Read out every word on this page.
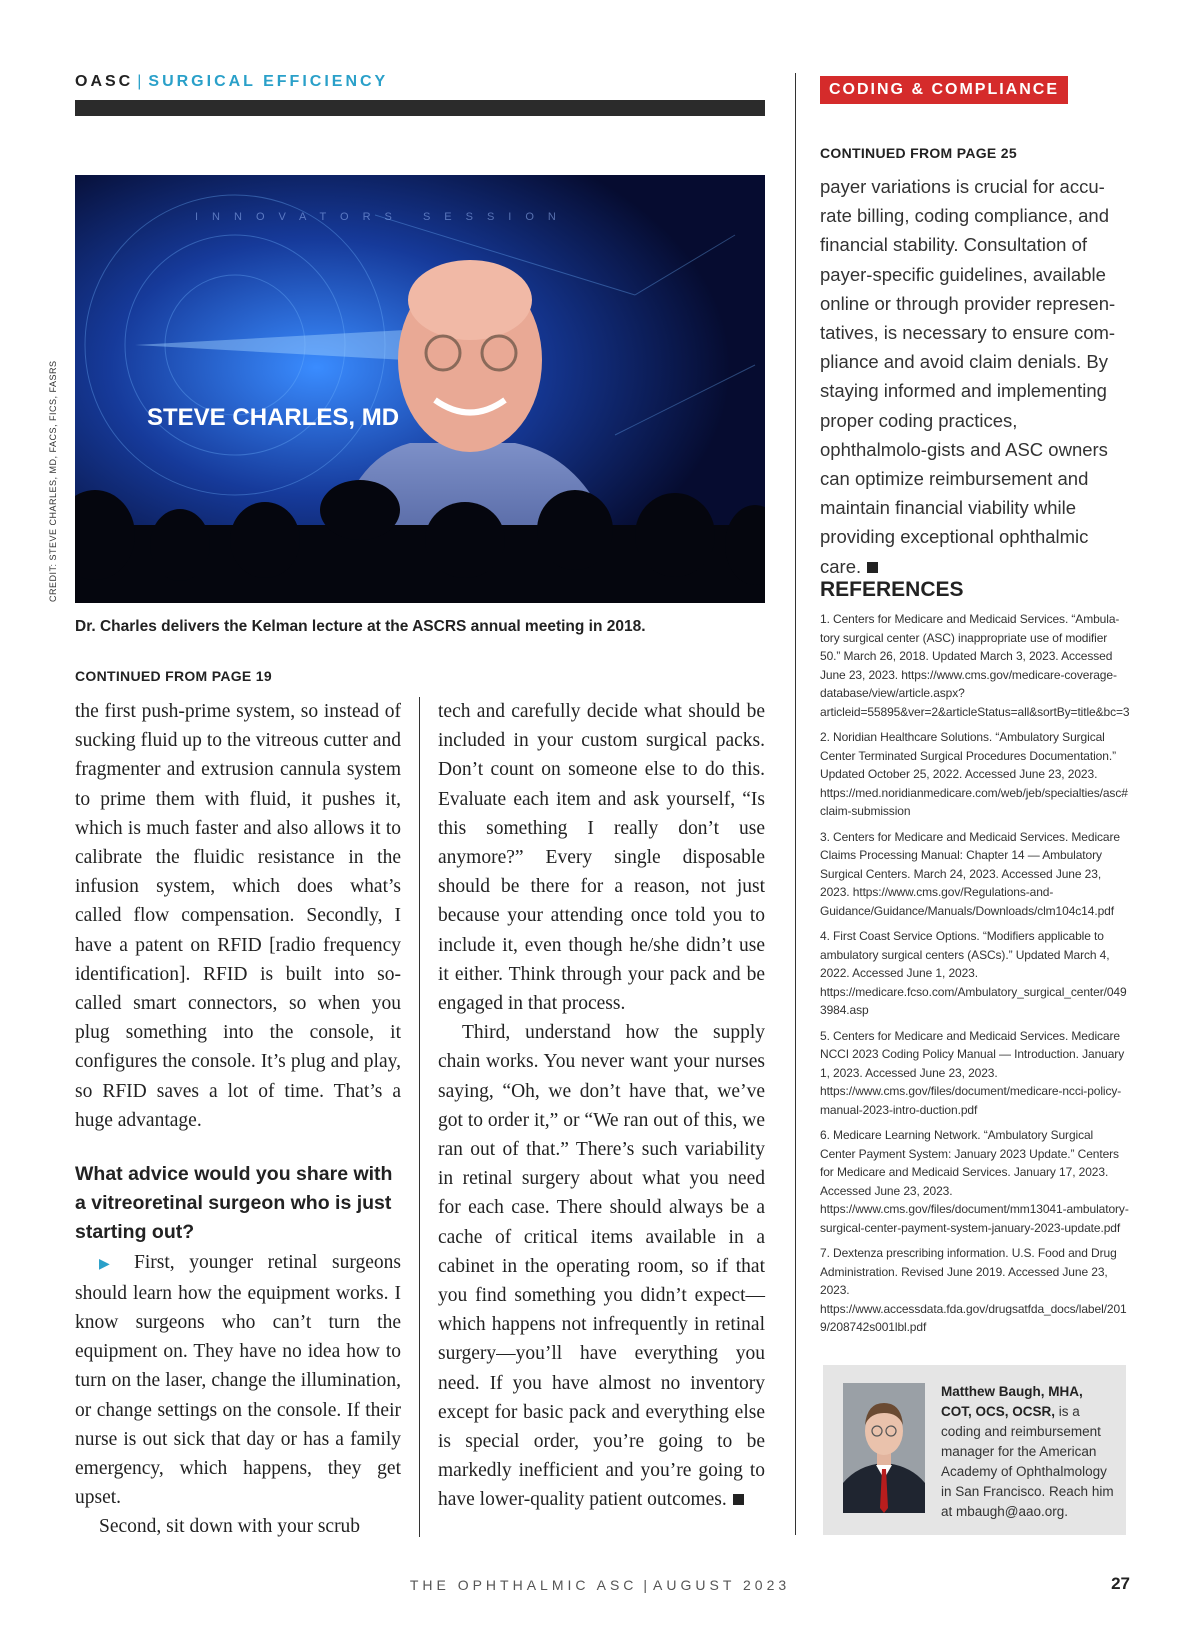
OASC | SURGICAL EFFICIENCY	CODING & COMPLIANCE
INNOVATORS SESSION
STEVE CHARLES, MD
CREDIT: STEVE CHARLES, MD, FACS, FICS, FASRS
Dr. Charles delivers the Kelman lecture at the ASCRS annual meeting in 2018.
CONTINUED FROM PAGE 19

the first push-prime system, so instead of sucking fluid up to the vitreous cutter and fragmenter and extrusion cannula system to prime them with fluid, it pushes it, which is much faster and also allows it to calibrate the fluidic resistance in the infusion system, which does what’s called flow compensation. Secondly, I have a patent on RFID [radio frequency identification]. RFID is built into so-called smart connectors, so when you plug something into the console, it configures the console. It’s plug and play, so RFID saves a lot of time. That’s a huge advantage.

What advice would you share with a vitreoretinal surgeon who is just starting out?

▶ First, younger retinal surgeons should learn how the equipment works. I know surgeons who can’t turn the equipment on. They have no idea how to turn on the laser, change the illumination, or change settings on the console. If their nurse is out sick that day or has a family emergency, which happens, they get upset.

Second, sit down with your scrub

tech and carefully decide what should be included in your custom surgical packs. Don’t count on someone else to do this. Evaluate each item and ask yourself, “Is this something I really don’t use anymore?” Every single disposable should be there for a reason, not just because your attending once told you to include it, even though he/she didn’t use it either. Think through your pack and be engaged in that process.

Third, understand how the supply chain works. You never want your nurses saying, “Oh, we don’t have that, we’ve got to order it,” or “We ran out of this, we ran out of that.” There’s such variability in retinal surgery about what you need for each case. There should always be a cache of critical items available in a cabinet in the operating room, so if that you find something you didn’t expect—which happens not infrequently in retinal surgery—you’ll have everything you need. If you have almost no inventory except for basic pack and everything else is special order, you’re going to be markedly inefficient and you’re going to have lower-quality patient outcomes.

CONTINUED FROM PAGE 25
payer variations is crucial for accu-rate billing, coding compliance, and financial stability. Consultation of payer-specific guidelines, available online or through provider represen-tatives, is necessary to ensure com-pliance and avoid claim denials. By staying informed and implementing proper coding practices, ophthalmolo-gists and ASC owners can optimize reimbursement and maintain financial viability while providing exceptional ophthalmic care.
REFERENCES
1. Centers for Medicare and Medicaid Services. “Ambula-tory surgical center (ASC) inappropriate use of modifier 50.” March 26, 2018. Updated March 3, 2023. Accessed June 23, 2023. https://www.cms.gov/medicare-coverage-database/view/article.aspx?articleid=55895&ver=2&articleStatus=all&sortBy=title&bc=3
2. Noridian Healthcare Solutions. “Ambulatory Surgical Center Terminated Surgical Procedures Documentation.” Updated October 25, 2022. Accessed June 23, 2023. https://med.noridianmedicare.com/web/jeb/specialties/asc#claim-submission
3. Centers for Medicare and Medicaid Services. Medicare Claims Processing Manual: Chapter 14 — Ambulatory Surgical Centers. March 24, 2023. Accessed June 23, 2023. https://www.cms.gov/Regulations-and-Guidance/Guidance/Manuals/Downloads/clm104c14.pdf
4. First Coast Service Options. “Modifiers applicable to ambulatory surgical centers (ASCs).” Updated March 4, 2022. Accessed June 1, 2023. https://medicare.fcso.com/Ambulatory_surgical_center/0493984.asp
5. Centers for Medicare and Medicaid Services. Medicare NCCI 2023 Coding Policy Manual — Introduction. January 1, 2023. Accessed June 23, 2023. https://www.cms.gov/files/document/medicare-ncci-policy-manual-2023-intro-duction.pdf
6. Medicare Learning Network. “Ambulatory Surgical Center Payment System: January 2023 Update.” Centers for Medicare and Medicaid Services. January 17, 2023. Accessed June 23, 2023. https://www.cms.gov/files/document/mm13041-ambulatory-surgical-center-payment-system-january-2023-update.pdf
7. Dextenza prescribing information. U.S. Food and Drug Administration. Revised June 2019. Accessed June 23, 2023. https://www.accessdata.fda.gov/drugsatfda_docs/label/2019/208742s001lbl.pdf
Matthew Baugh, MHA, COT, OCS, OCSR, is a coding and reimbursement manager for the American Academy of Ophthalmology in San Francisco. Reach him at mbaugh@aao.org.
THE OPHTHALMIC ASC | AUGUST 2023	27
